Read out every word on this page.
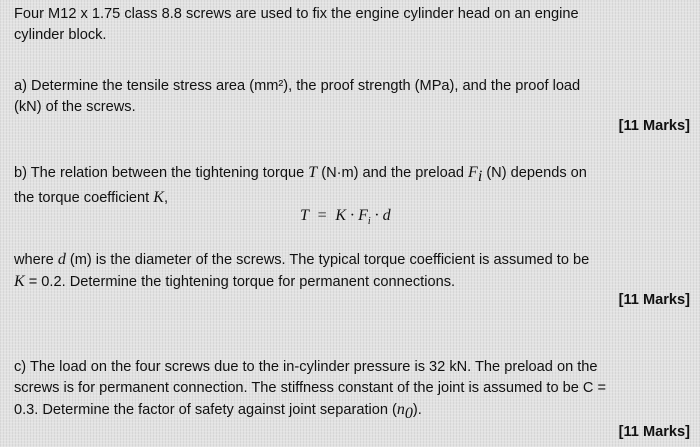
Four M12 x 1.75 class 8.8 screws are used to fix the engine cylinder head on an engine
cylinder block.
a) Determine the tensile stress area (mm²), the proof strength (MPa), and the proof load
(kN) of the screws.
[11 Marks]
b) The relation between the tightening torque T (N·m) and the preload $F_i$ (N) depends on
the torque coefficient K,
$T = K \cdot F_i \cdot d$
where d (m) is the diameter of the screws. The typical torque coefficient is assumed to be
K = 0.2. Determine the tightening torque for permanent connections.
[11 Marks]
c) The load on the four screws due to the in-cylinder pressure is 32 kN. The preload on the
screws is for permanent connection. The stiffness constant of the joint is assumed to be C =
0.3. Determine the factor of safety against joint separation $(n_0)$.
[11 Marks]
